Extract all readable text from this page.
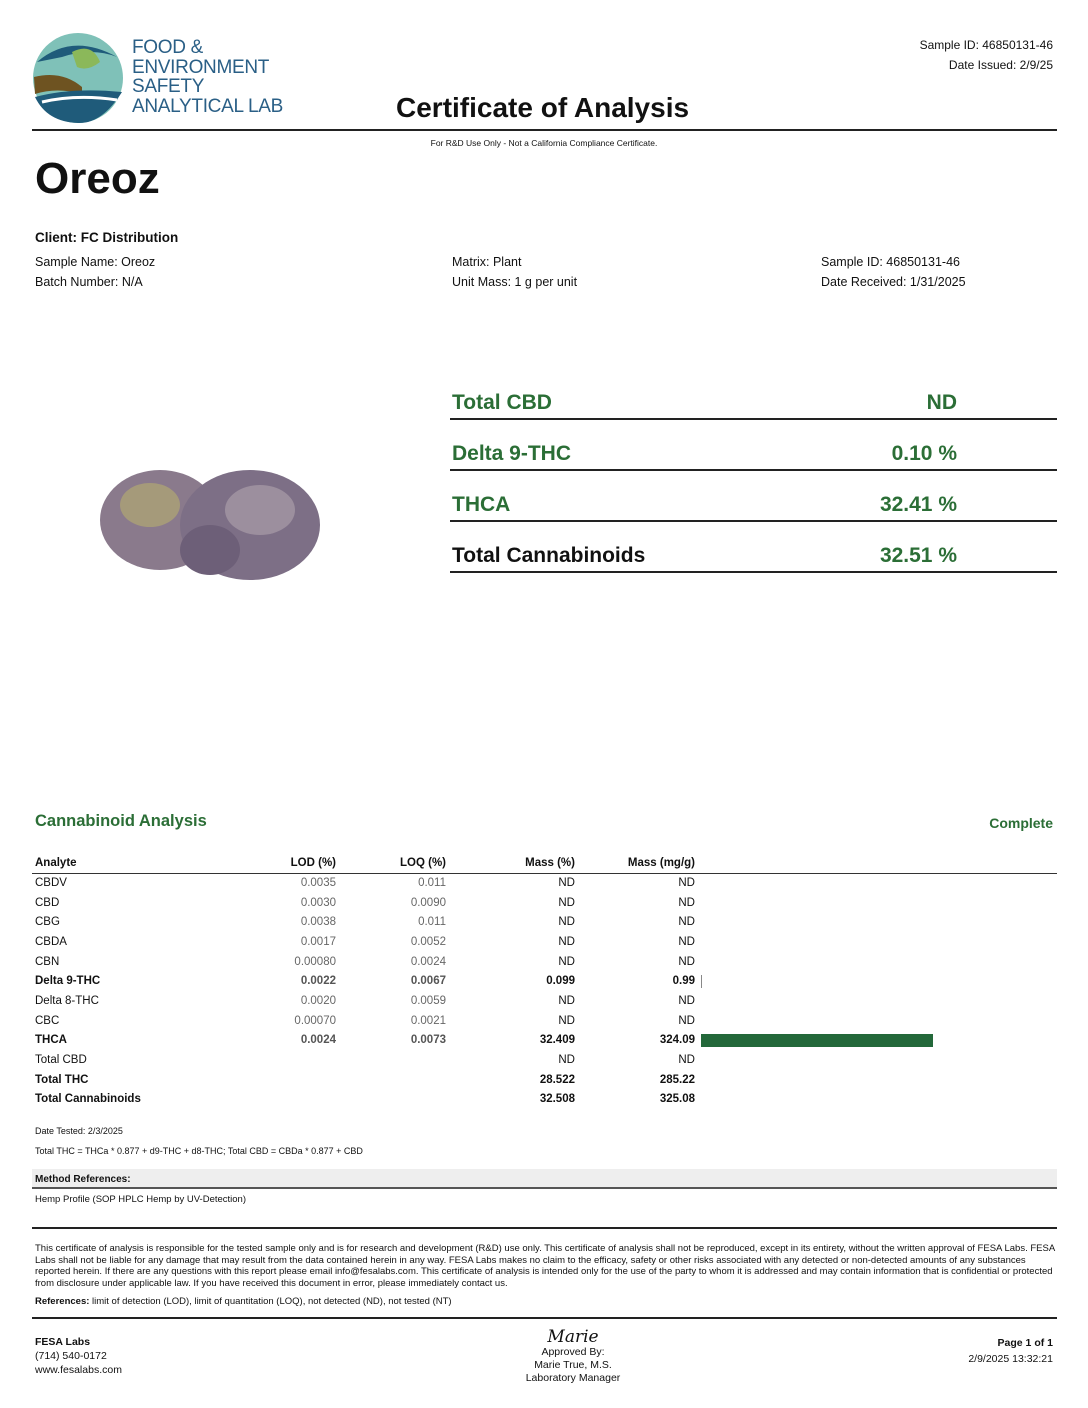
FOOD &
ENVIRONMENT
SAFETY
ANALYTICAL LAB
Sample ID: 46850131-46
Date Issued: 2/9/25
Certificate of Analysis
For R&D Use Only - Not a California Compliance Certificate.
Oreoz
Client: FC Distribution
Sample Name: Oreoz
Batch Number: N/A
Matrix: Plant
Unit Mass: 1 g per unit
Sample ID: 46850131-46
Date Received: 1/31/2025
Total CBD	ND
Delta 9-THC	0.10 %
THCA	32.41 %
Total Cannabinoids	32.51 %
Cannabinoid Analysis	Complete
Analyte	LOD (%)	LOQ (%)	Mass (%)	Mass (mg/g)	
CBDV	0.0035	0.011	ND	ND	
CBD	0.0030	0.0090	ND	ND	
CBG	0.0038	0.011	ND	ND	
CBDA	0.0017	0.0052	ND	ND	
CBN	0.00080	0.0024	ND	ND	
Delta 9-THC	0.0022	0.0067	0.099	0.99	

Delta 8-THC	0.0020	0.0059	ND	ND	
CBC	0.00070	0.0021	ND	ND	
THCA	0.0024	0.0073	32.409	324.09	

Total CBD			ND	ND	
Total THC			28.522	285.22	
Total Cannabinoids			32.508	325.08	
Date Tested: 2/3/2025
Total THC = THCa * 0.877 + d9-THC + d8-THC; Total CBD = CBDa * 0.877 + CBD
Method References:
Hemp Profile (SOP HPLC Hemp by UV-Detection)
This certificate of analysis is responsible for the tested sample only and is for research and development (R&D) use only. This certificate of analysis shall not be reproduced, except in its entirety, without the written approval of FESA Labs. FESA Labs shall not be liable for any damage that may result from the data contained herein in any way. FESA Labs makes no claim to the efficacy, safety or other risks associated with any detected or non-detected amounts of any substances reported herein. If there are any questions with this report please email info@fesalabs.com. This certificate of analysis is intended only for the use of the party to whom it is addressed and may contain information that is confidential or protected from disclosure under applicable law. If you have received this document in error, please immediately contact us.
References: limit of detection (LOD), limit of quantitation (LOQ), not detected (ND), not tested (NT)
FESA Labs
(714) 540-0172
www.fesalabs.com
Marie
Approved By:
Marie True, M.S.
Laboratory Manager
Page 1 of 1
2/9/2025 13:32:21
